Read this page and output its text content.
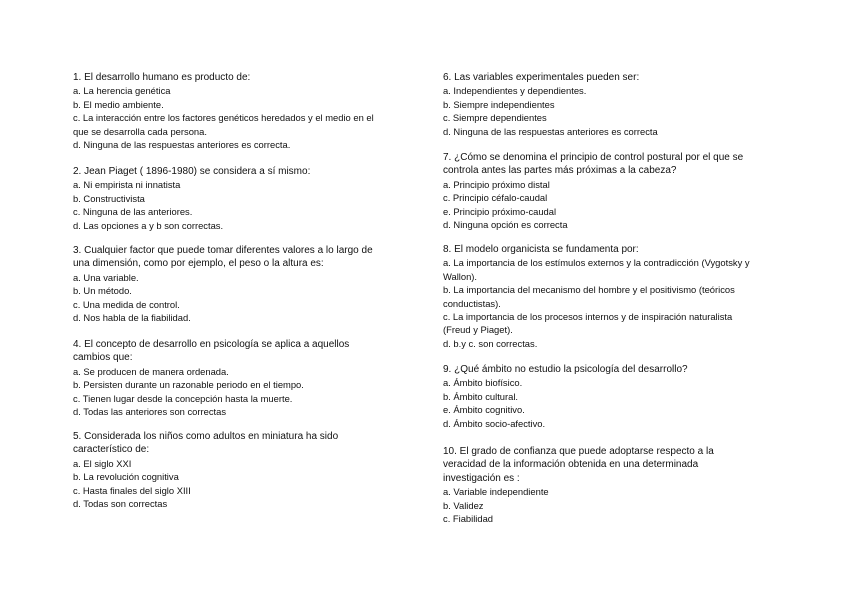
1. El desarrollo humano es producto de:
a. La herencia genética
b. El medio ambiente.
c. La interacción entre los factores genéticos heredados y el medio en el
que se desarrolla cada persona.
d. Ninguna de las respuestas anteriores es correcta.
2. Jean Piaget ( 1896-1980) se considera a sí mismo:
a. Ni empirista ni innatista
b. Constructivista
c. Ninguna de las anteriores.
d. Las opciones a y b son correctas.
3. Cualquier factor que puede tomar diferentes valores a lo largo de
una dimensión, como por ejemplo, el peso o la altura es:
a. Una variable.
b. Un método.
c. Una medida de control.
d. Nos habla de la fiabilidad.
4. El concepto de desarrollo en psicología se aplica a aquellos
cambios que:
a. Se producen de manera ordenada.
b. Persisten durante un razonable periodo en el tiempo.
c. Tienen lugar desde la concepción hasta la muerte.
d. Todas las anteriores son correctas
5. Considerada los niños como adultos en miniatura ha sido
característico de:
a. El siglo XXI
b. La revolución cognitiva
c. Hasta finales del siglo XIII
d. Todas son correctas
6. Las variables experimentales pueden ser:
a. Independientes y dependientes.
b. Siempre independientes
c. Siempre dependientes
d. Ninguna de las respuestas anteriores es correcta
7. ¿Cómo se denomina el principio de control postural por el que se
controla antes las partes más próximas a la cabeza?
a. Principio próximo distal
c. Principio céfalo-caudal
e. Principio próximo-caudal
d. Ninguna opción es correcta
8. El modelo organicista se fundamenta por:
a. La importancia de los estímulos externos y la contradicción (Vygotsky y
Wallon).
b. La importancia del mecanismo del hombre y el positivismo (teóricos
conductistas).
c. La importancia de los procesos internos y de inspiración naturalista
(Freud y Piaget).
d. b.y c. son correctas.
9. ¿Qué ámbito no estudio la psicología del desarrollo?
a. Ámbito biofísico.
b. Ámbito cultural.
e. Ámbito cognitivo.
d. Ámbito socio-afectivo.
10. El grado de confianza que puede adoptarse respecto a la
veracidad de la información obtenida en una determinada
investigación es :
a. Variable independiente
b. Validez
c. Fiabilidad
